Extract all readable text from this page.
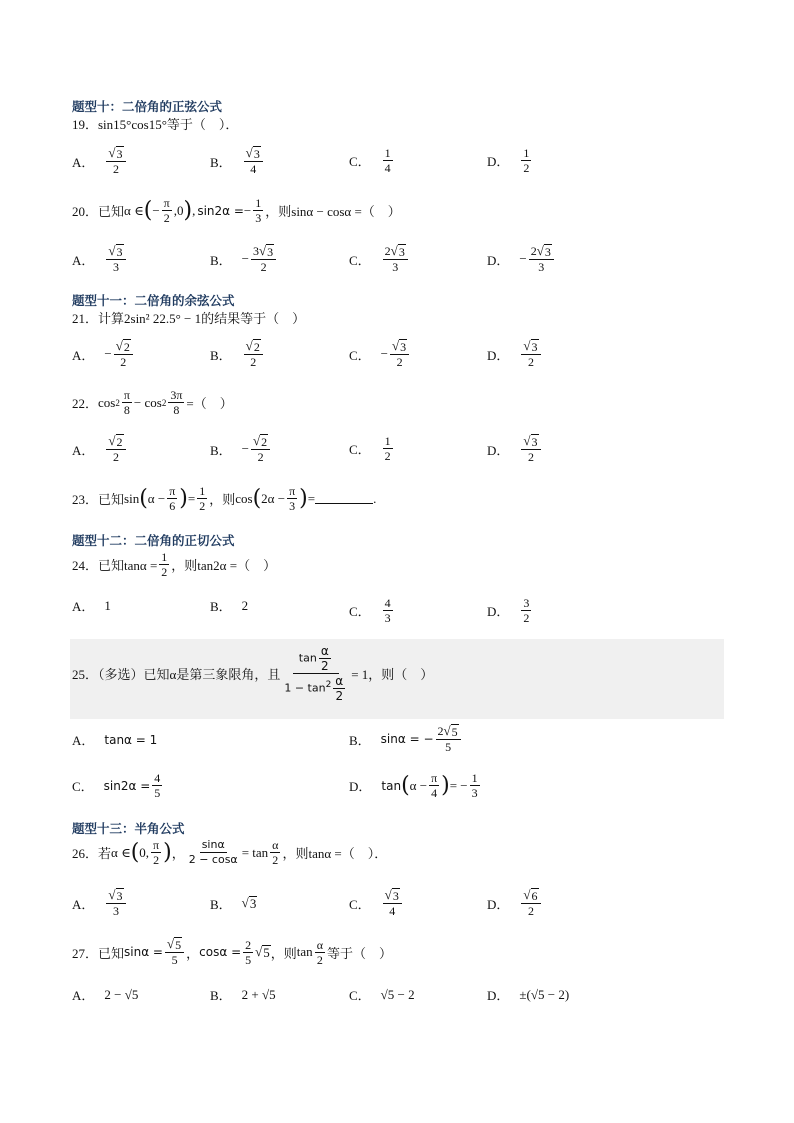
题型十：二倍角的正弦公式
19．sin15°cos15°等于（　）．
A． $\frac{√ 3}{2}$	B． $\frac{√ 3}{4}$	C． $\frac{1}{4}$	D． $\frac{1}{2}$
20． 已知 α ∈ ( − $\frac{\pi}{2} ,0$ ) , sin2α = − $\frac{1}{3}$ ，则sinα − cosα =（　）
A． $\frac{√ 3}{3}$	B． − $\frac{3 √ 3}{2}$	C． $\frac{2 √ 3}{3}$	D． − $\frac{2 √ 3}{3}$
题型十一：二倍角的余弦公式
21．计算2sin² 22.5° − 1的结果等于（　）
A． − $\frac{√ 2}{2}$	B． $\frac{√ 2}{2}$	C． − $\frac{√ 3}{2}$	D． $\frac{√ 3}{2}$
22． $\cos 2 \frac{\pi}{8} - \cos 2 \frac{3\pi}{8}$ =（　）
A． $\frac{√ 2}{2}$	B． − $\frac{√ 2}{2}$	C． $\frac{1}{2}$	D． $\frac{√ 3}{2}$
23． 已知 sin ( $\alpha - \frac{\pi}{6}$ ) = $\frac{1}{2}$ ，则 cos ( $2\alpha - \frac{\pi}{3}$ ) =	.
题型十二：二倍角的正切公式
24． 已知$\tan\alpha = \frac{1}{2}$ ，则tan2α =（　）
A． 1	B． 2	C． $\frac{4}{3}$	D． $\frac{3}{2}$
25．（多选）已知 α是第三象限角，且 $\frac{\tan \frac{\alpha}{2}}{1 - \tan^2 \frac{\alpha}{2}} = 1$，则（　）
A． tanα = 1	B． sinα = − $\frac{2 √ 5}{5}$
C． $\sin 2\alpha = \frac{4}{5}$	D． tan ( $\alpha - \frac{\pi}{4}$ ) = − $\frac{1}{3}$
题型十三：半角公式
26．若 α ∈ ( 0, $\frac{\pi}{2}$ ) ， $\frac{\sin\alpha}{2 - \cos\alpha} = \tan \frac{\alpha}{2}$ ，则tanα =（　）．
A． $\frac{√ 3}{3}$	B． √ 3	C． $\frac{√ 3}{4}$	D． $\frac{√ 6}{2}$
27．已知 $\sin\alpha = \frac{√ 5}{5}$ ， $\cos\alpha = \frac{2}{5}$ √ 5 ，则 $\tan \frac{\alpha}{2}$ 等于（　）
A． 2 − √5	B． 2 + √5	C． √5 − 2	D． ±(√5 − 2)
